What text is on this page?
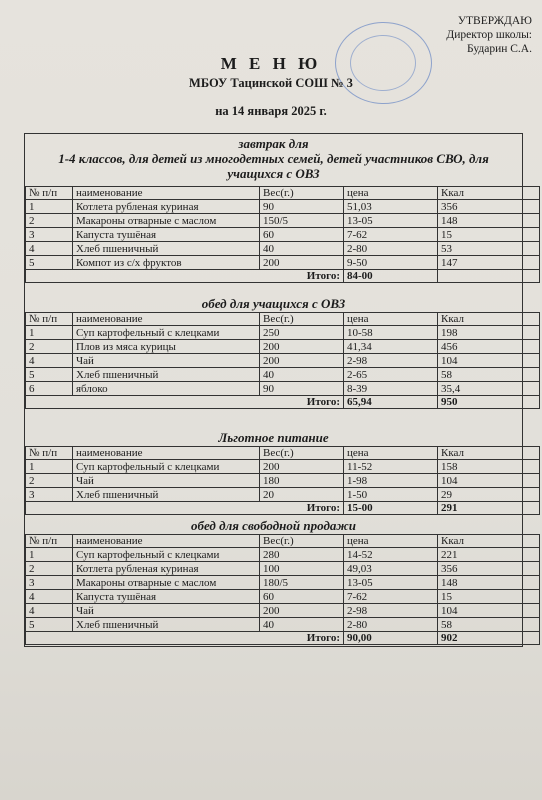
УТВЕРЖДАЮ
Директор школы:
Бударин С.А.
М Е Н Ю
МБОУ Тацинской СОШ № 3
на 14 января 2025 г.
завтрак для
1-4 классов, для детей из многодетных семей, детей участников СВО, для
учащихся с ОВЗ
№ п/п	наименование	Вес(г.)	цена	Ккал
1	Котлета рубленая куриная	90	51,03	356
2	Макароны отварные с маслом	150/5	13-05	148
3	Капуста тушёная	60	7-62	15
4	Хлеб пшеничный	40	2-80	53
5	Компот из с/х фруктов	200	9-50	147
Итого:			84-00	
обед для учащихся с ОВЗ
№ п/п	наименование	Вес(г.)	цена	Ккал
1	Суп картофельный с клецками	250	10-58	198
2	Плов из мяса курицы	200	41,34	456
4	Чай	200	2-98	104
5	Хлеб пшеничный	40	2-65	58
6	яблоко	90	8-39	35,4
Итого:			65,94	950
Льготное питание
№ п/п	наименование	Вес(г.)	цена	Ккал
1	Суп картофельный с клецками	200	11-52	158
2	Чай	180	1-98	104
3	Хлеб пшеничный	20	1-50	29
Итого:			15-00	291
обед для свободной продажи
№ п/п	наименование	Вес(г.)	цена	Ккал
1	Суп картофельный с клецками	280	14-52	221
2	Котлета рубленая куриная	100	49,03	356
3	Макароны отварные с маслом	180/5	13-05	148
4	Капуста тушёная	60	7-62	15
4	Чай	200	2-98	104
5	Хлеб пшеничный	40	2-80	58
Итого:			90,00	902
